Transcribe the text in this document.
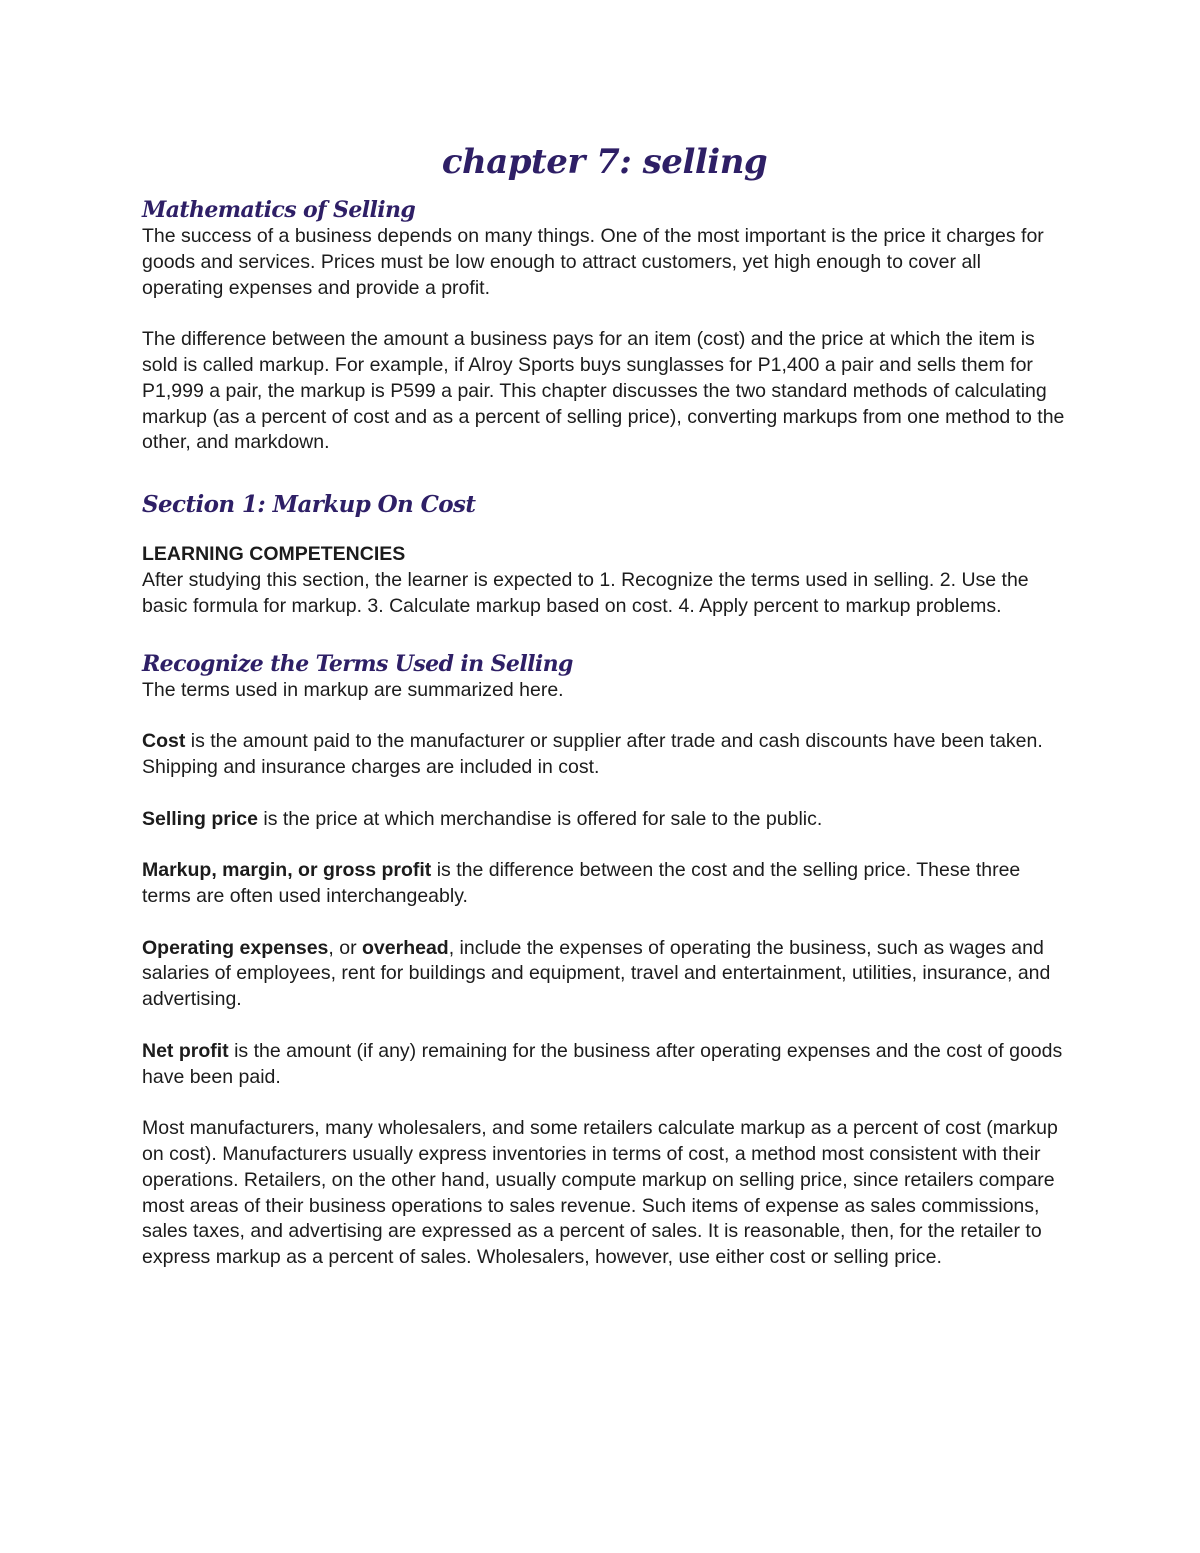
chapter 7: selling
Mathematics of Selling

The success of a business depends on many things. One of the most important is the price it charges for goods and services. Prices must be low enough to attract customers, yet high enough to cover all operating expenses and provide a profit.

The difference between the amount a business pays for an item (cost) and the price at which the item is sold is called markup. For example, if Alroy Sports buys sunglasses for P1,400 a pair and sells them for P1,999 a pair, the markup is P599 a pair. This chapter discusses the two standard methods of calculating markup (as a percent of cost and as a percent of selling price), converting markups from one method to the other, and markdown.

Section 1: Markup On Cost

LEARNING COMPETENCIES

After studying this section, the learner is expected to 1. Recognize the terms used in selling. 2. Use the basic formula for markup. 3. Calculate markup based on cost. 4. Apply percent to markup problems.

Recognize the Terms Used in Selling

The terms used in markup are summarized here.

Cost is the amount paid to the manufacturer or supplier after trade and cash discounts have been taken. Shipping and insurance charges are included in cost.

Selling price is the price at which merchandise is offered for sale to the public.

Markup, margin, or gross profit is the difference between the cost and the selling price. These three terms are often used interchangeably.

Operating expenses, or overhead, include the expenses of operating the business, such as wages and salaries of employees, rent for buildings and equipment, travel and entertainment, utilities, insurance, and advertising.

Net profit is the amount (if any) remaining for the business after operating expenses and the cost of goods have been paid.

Most manufacturers, many wholesalers, and some retailers calculate markup as a percent of cost (markup on cost). Manufacturers usually express inventories in terms of cost, a method most consistent with their operations. Retailers, on the other hand, usually compute markup on selling price, since retailers compare most areas of their business operations to sales revenue. Such items of expense as sales commissions, sales taxes, and advertising are expressed as a percent of sales. It is reasonable, then, for the retailer to express markup as a percent of sales. Wholesalers, however, use either cost or selling price.
